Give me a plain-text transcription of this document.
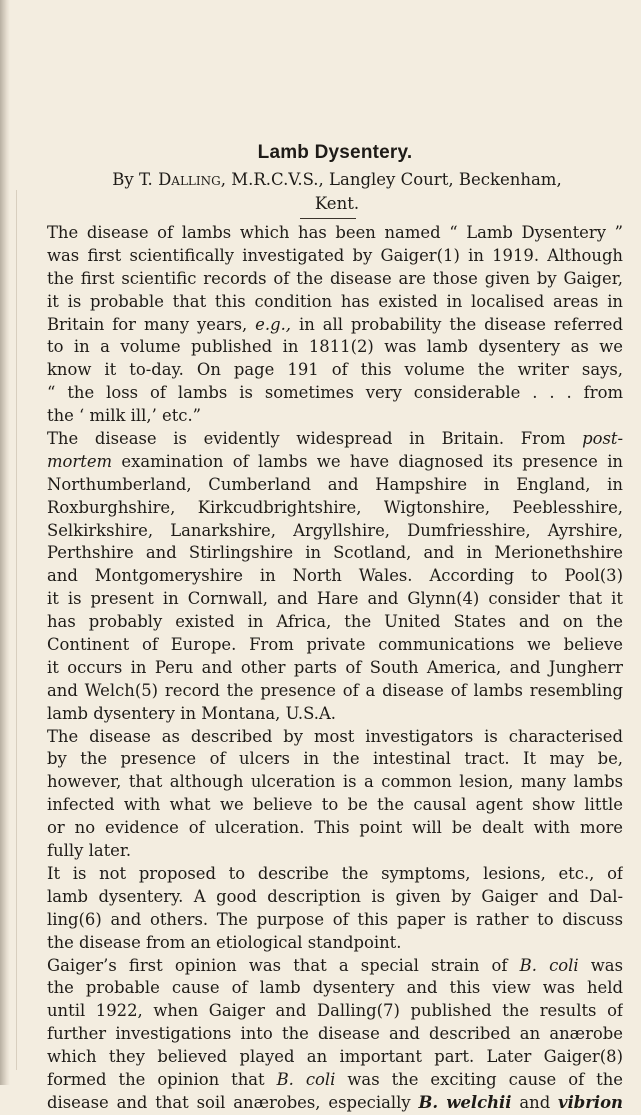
Lamb Dysentery.
By T. Dalling, M.R.C.V.S., Langley Court, Beckenham,
Kent.
The disease of lambs which has been named “ Lamb Dysentery ”
was first scientifically investigated by Gaiger(1) in 1919. Although
the first scientific records of the disease are those given by Gaiger,
it is probable that this condition has existed in localised areas in
Britain for many years, e.g., in all probability the disease referred
to in a volume published in 1811(2) was lamb dysentery as we
know it to-day. On page 191 of this volume the writer says,
“ the loss of lambs is sometimes very considerable . . . from
the ‘ milk ill,’ etc.”
The disease is evidently widespread in Britain. From post-
mortem examination of lambs we have diagnosed its presence in
Northumberland, Cumberland and Hampshire in England, in
Roxburghshire, Kirkcudbrightshire, Wigtonshire, Peeblesshire,
Selkirkshire, Lanarkshire, Argyllshire, Dumfriesshire, Ayrshire,
Perthshire and Stirlingshire in Scotland, and in Merionethshire
and Montgomeryshire in North Wales. According to Pool(3)
it is present in Cornwall, and Hare and Glynn(4) consider that it
has probably existed in Africa, the United States and on the
Continent of Europe. From private communications we believe
it occurs in Peru and other parts of South America, and Jungherr
and Welch(5) record the presence of a disease of lambs resembling
lamb dysentery in Montana, U.S.A.
The disease as described by most investigators is characterised
by the presence of ulcers in the intestinal tract. It may be,
however, that although ulceration is a common lesion, many lambs
infected with what we believe to be the causal agent show little
or no evidence of ulceration. This point will be dealt with more
fully later.
It is not proposed to describe the symptoms, lesions, etc., of
lamb dysentery. A good description is given by Gaiger and Dal-
ling(6) and others. The purpose of this paper is rather to discuss
the disease from an etiological standpoint.
Gaiger’s first opinion was that a special strain of B. coli was
the probable cause of lamb dysentery and this view was held
until 1922, when Gaiger and Dalling(7) published the results of
further investigations into the disease and described an anærobe
which they believed played an important part. Later Gaiger(8)
formed the opinion that B. coli was the exciting cause of the
disease and that soil anærobes, especially B. welchii and vibrion
